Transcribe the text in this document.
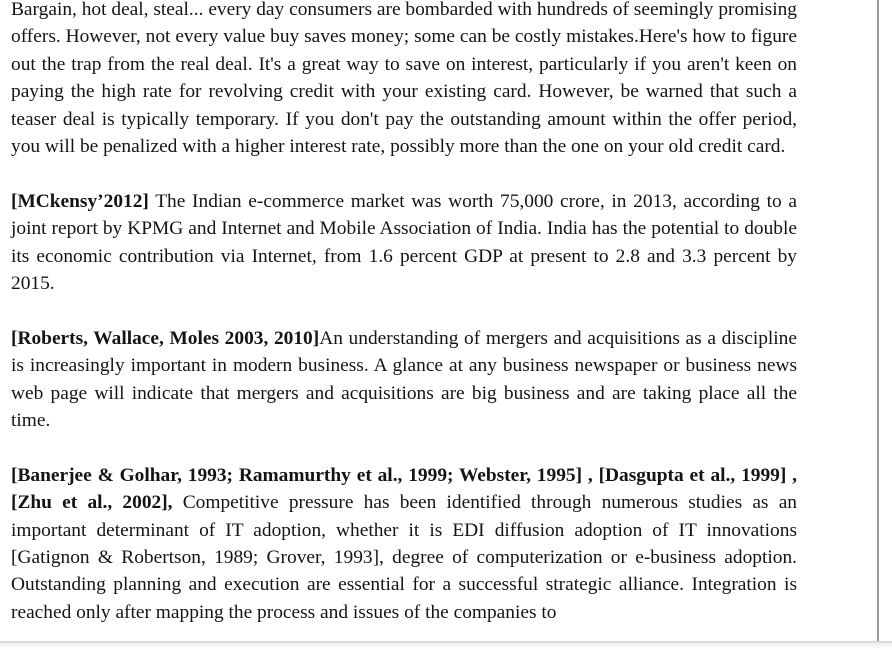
Bargain, hot deal, steal... every day consumers are bombarded with hundreds of seemingly promising offers. However, not every value buy saves money; some can be costly mistakes.Here's how to figure out the trap from the real deal. It's a great way to save on interest, particularly if you aren't keen on paying the high rate for revolving credit with your existing card. However, be warned that such a teaser deal is typically temporary. If you don't pay the outstanding amount within the offer period, you will be penalized with a higher interest rate, possibly more than the one on your old credit card.

[MCkensy’2012] The Indian e-commerce market was worth 75,000 crore, in 2013, according to a joint report by KPMG and Internet and Mobile Association of India. India has the potential to double its economic contribution via Internet, from 1.6 percent GDP at present to 2.8 and 3.3 percent by 2015.

[Roberts, Wallace, Moles 2003, 2010]An understanding of mergers and acquisitions as a discipline is increasingly important in modern business. A glance at any business newspaper or business news web page will indicate that mergers and acquisitions are big business and are taking place all the time.

[Banerjee & Golhar, 1993; Ramamurthy et al., 1999; Webster, 1995] , [Dasgupta et al., 1999] , [Zhu et al., 2002], Competitive pressure has been identified through numerous studies as an important determinant of IT adoption, whether it is EDI diffusion adoption of IT innovations [Gatignon & Robertson, 1989; Grover, 1993], degree of computerization or e-business adoption. Outstanding planning and execution are essential for a successful strategic alliance. Integration is reached only after mapping the process and issues of the companies to
